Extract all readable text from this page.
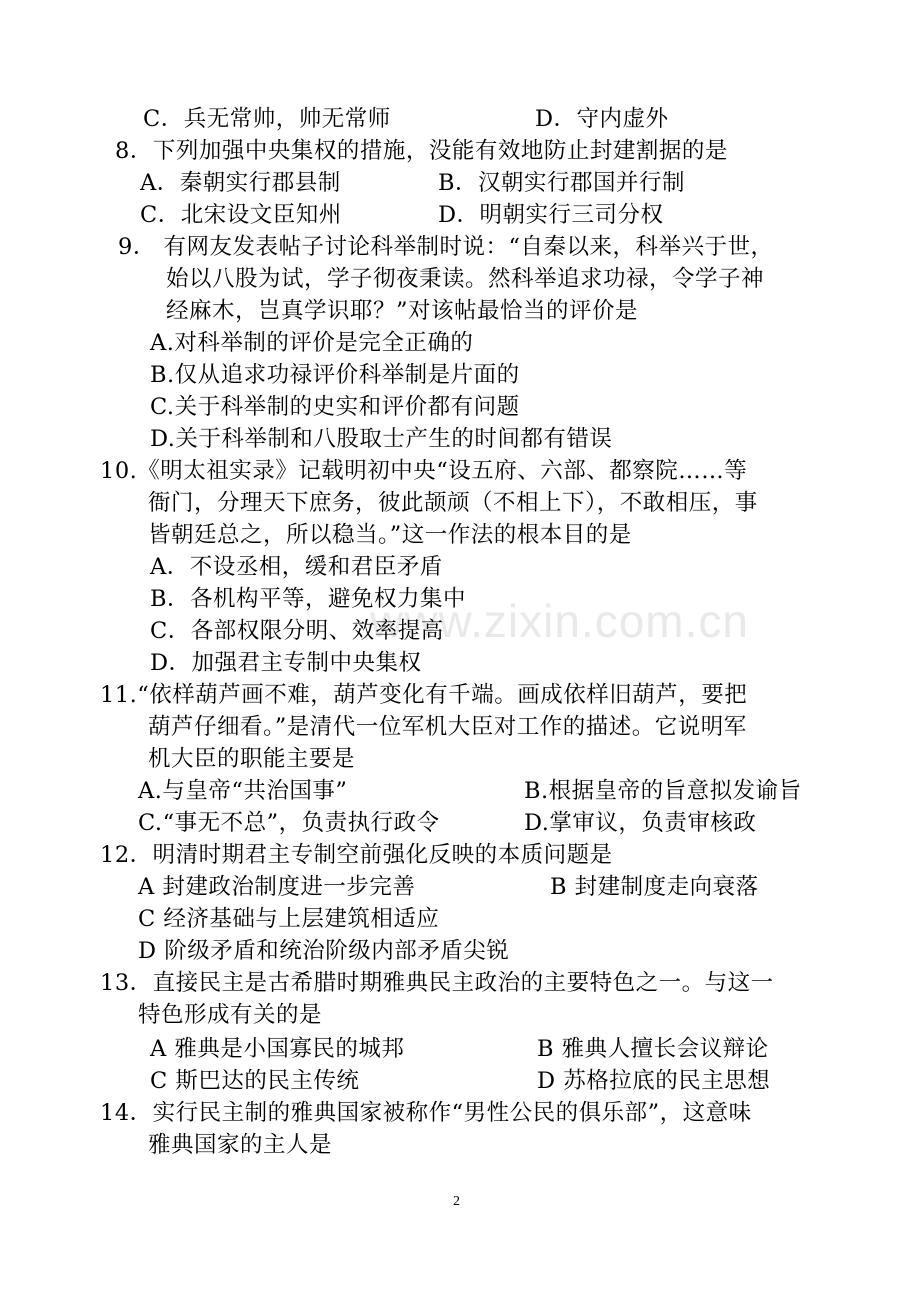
www.zixin.com.cn
C．兵无常帅，帅无常师	D．守内虚外
8．下列加强中央集权的措施，没能有效地防止封建割据的是
A．秦朝实行郡县制	B．汉朝实行郡国并行制
C．北宋设文臣知州	D．明朝实行三司分权
9． 有网友发表帖子讨论科举制时说：“自秦以来，科举兴于世，
始以八股为试，学子彻夜秉读。然科举追求功禄，令学子神
经麻木，岂真学识耶？”对该帖最恰当的评价是
A.对科举制的评价是完全正确的
B.仅从追求功禄评价科举制是片面的
C.关于科举制的史实和评价都有问题
D.关于科举制和八股取士产生的时间都有错误
10.《明太祖实录》记载明初中央“设五府、六部、都察院……等
衙门，分理天下庶务，彼此颉颃（不相上下），不敢相压，事
皆朝廷总之，所以稳当。”这一作法的根本目的是
A．不设丞相，缓和君臣矛盾
B．各机构平等，避免权力集中
C．各部权限分明、效率提高
D．加强君主专制中央集权
11.“依样葫芦画不难，葫芦变化有千端。画成依样旧葫芦，要把
葫芦仔细看。”是清代一位军机大臣对工作的描述。它说明军
机大臣的职能主要是
A.与皇帝“共治国事”	B.根据皇帝的旨意拟发谕旨
C.“事无不总”，负责执行政令	D.掌审议，负责审核政
12．明清时期君主专制空前强化反映的本质问题是
A 封建政治制度进一步完善	B 封建制度走向衰落
C 经济基础与上层建筑相适应
D 阶级矛盾和统治阶级内部矛盾尖锐
13．直接民主是古希腊时期雅典民主政治的主要特色之一。与这一
特色形成有关的是
A 雅典是小国寡民的城邦	B 雅典人擅长会议辩论
C 斯巴达的民主传统	D 苏格拉底的民主思想
14．实行民主制的雅典国家被称作“男性公民的俱乐部”，这意味
雅典国家的主人是
2
